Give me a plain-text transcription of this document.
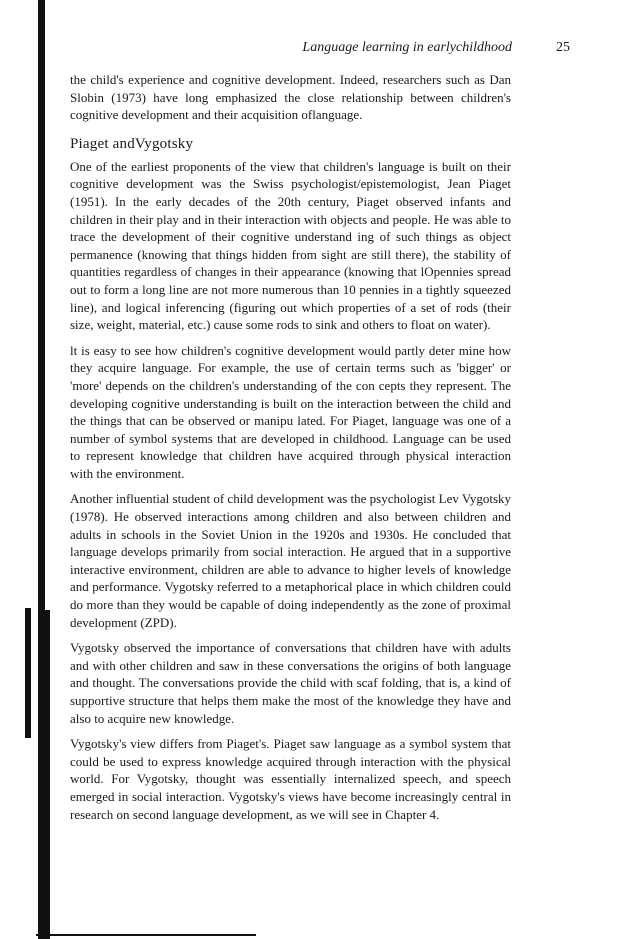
Language learning in earlychildhood	25

the child's experience and cognitive development. Indeed, researchers such as Dan Slobin (1973) have long emphasized the close relationship between children's cognitive development and their acquisition oflanguage.

Piaget andVygotsky

One of the earliest proponents of the view that children's language is built on their cognitive development was the Swiss psychologist/epistemologist, Jean Piaget (1951). In the early decades of the 20th century, Piaget observed infants and children in their play and in their interaction with objects and people. He was able to trace the development of their cognitive understand ing of such things as object permanence (knowing that things hidden from sight are still there), the stability of quantities regardless of changes in their appearance (knowing that lOpennies spread out to form a long line are not more numerous than 10 pennies in a tightly squeezed line), and logical inferencing (figuring out which properties of a set of rods (their size, weight, material, etc.) cause some rods to sink and others to float on water).

lt is easy to see how children's cognitive development would partly deter mine how they acquire language. For example, the use of certain terms such as 'bigger' or 'more' depends on the children's understanding of the con cepts they represent. The developing cognitive understanding is built on the interaction between the child and the things that can be observed or manipu lated. For Piaget, language was one of a number of symbol systems that are developed in childhood. Language can be used to represent knowledge that children have acquired through physical interaction with the environment.

Another influential student of child development was the psychologist Lev Vygotsky (1978). He observed interactions among children and also between children and adults in schools in the Soviet Union in the 1920s and 1930s. He concluded that language develops primarily from social interaction. He argued that in a supportive interactive environment, children are able to advance to higher levels of knowledge and performance. Vygotsky referred to a metaphorical place in which children could do more than they would be capable of doing independently as the zone of proximal development (ZPD).

Vygotsky observed the importance of conversations that children have with adults and with other children and saw in these conversations the origins of both language and thought. The conversations provide the child with scaf folding, that is, a kind of supportive structure that helps them make the most of the knowledge they have and also to acquire new knowledge.

Vygotsky's view differs from Piaget's. Piaget saw language as a symbol system that could be used to express knowledge acquired through interaction with the physical world. For Vygotsky, thought was essentially internalized speech, and speech emerged in social interaction. Vygotsky's views have become increasingly central in research on second language development, as we will see in Chapter 4.
